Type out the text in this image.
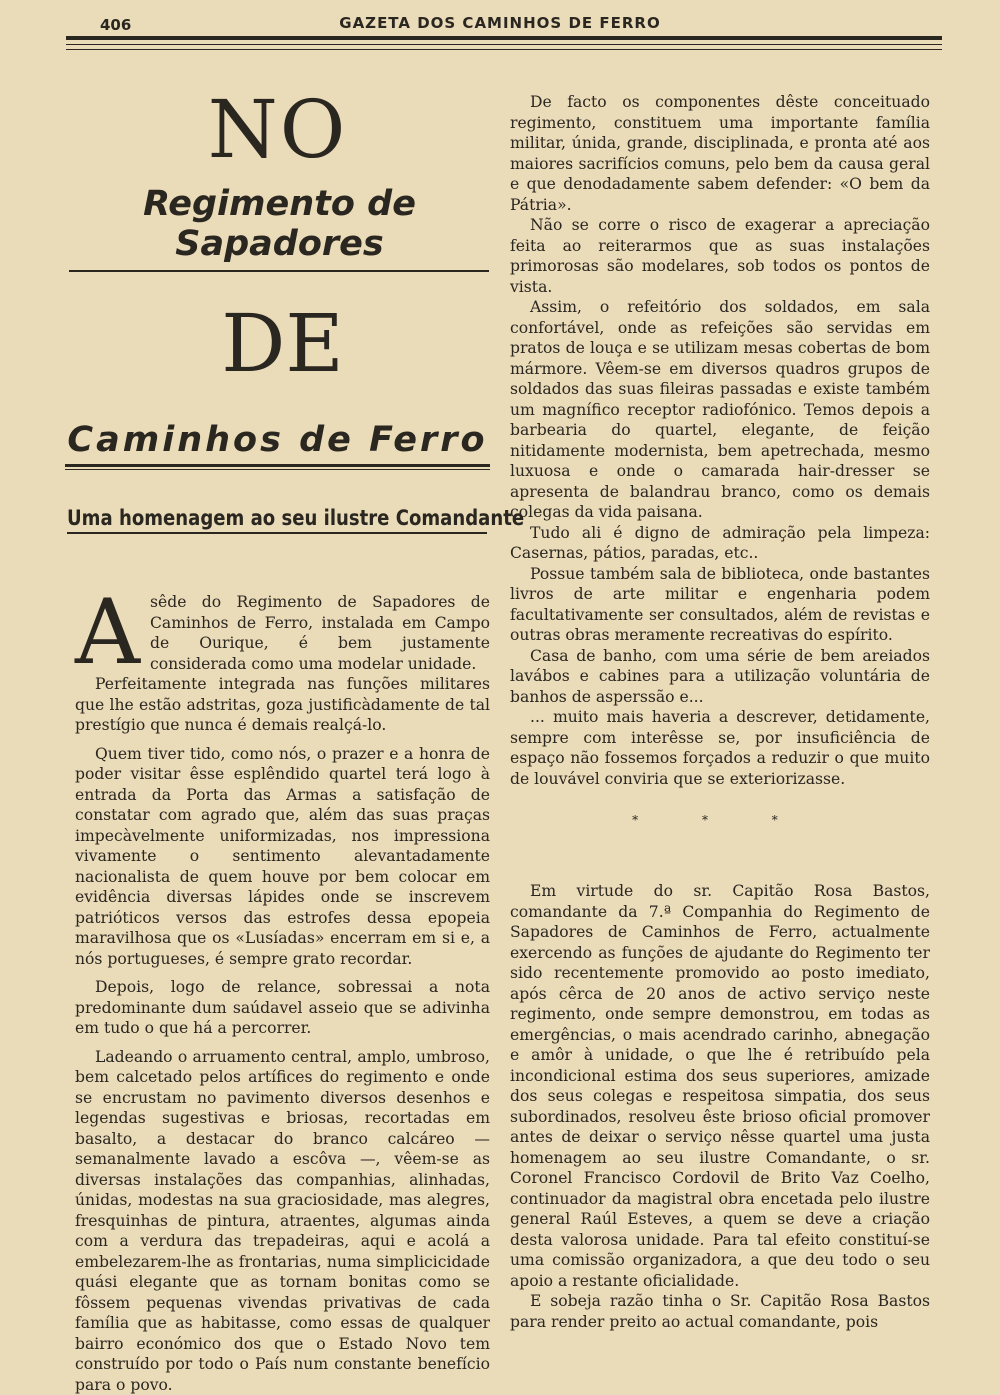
406	GAZETA DOS CAMINHOS DE FERRO
NO
Regimento de Sapadores
DE
Caminhos de Ferro
Uma homenagem ao seu ilustre Comandante

A sêde do Regimento de Sapadores de Caminhos de Ferro, instalada em Campo de Ourique, é bem justamente considerada como uma modelar unidade.

Perfeitamente integrada nas funções militares que lhe estão adstritas, goza justificàdamente de tal prestígio que nunca é demais realçá-lo.

Quem tiver tido, como nós, o prazer e a honra de poder visitar êsse esplêndido quartel terá logo à entrada da Porta das Armas a satisfação de constatar com agrado que, além das suas praças impecàvelmente uniformizadas, nos impressiona vivamente o sentimento alevantadamente nacionalista de quem houve por bem colocar em evidência diversas lápides onde se inscrevem patrióticos versos das estrofes dessa epopeia maravilhosa que os «Lusíadas» encerram em si e, a nós portugueses, é sempre grato recordar.

Depois, logo de relance, sobressai a nota predominante dum saúdavel asseio que se adivinha em tudo o que há a percorrer.

Ladeando o arruamento central, amplo, umbroso, bem calcetado pelos artífices do regimento e onde se encrustam no pavimento diversos desenhos e legendas sugestivas e briosas, recortadas em basalto, a destacar do branco calcáreo — semanalmente lavado a escôva —, vêem-se as diversas instalações das companhias, alinhadas, únidas, modestas na sua graciosidade, mas alegres, fresquinhas de pintura, atraentes, algumas ainda com a verdura das trepadeiras, aqui e acolá a embelezarem-lhe as frontarias, numa simplicicidade quási elegante que as tornam bonitas como se fôssem pequenas vivendas privativas de cada família que as habitasse, como essas de qualquer bairro económico dos que o Estado Novo tem construído por todo o País num constante benefício para o povo.

De facto os componentes dêste conceituado regimento, constituem uma importante família militar, únida, grande, disciplinada, e pronta até aos maiores sacrifícios comuns, pelo bem da causa geral e que denodadamente sabem defender: «O bem da Pátria».

Não se corre o risco de exagerar a apreciação feita ao reiterarmos que as suas instalações primorosas são modelares, sob todos os pontos de vista.

Assim, o refeitório dos soldados, em sala confortável, onde as refeições são servidas em pratos de louça e se utilizam mesas cobertas de bom mármore. Vêem-se em diversos quadros grupos de soldados das suas fileiras passadas e existe também um magnífico receptor radiofónico. Temos depois a barbearia do quartel, elegante, de feição nitidamente modernista, bem apetrechada, mesmo luxuosa e onde o camarada hair-dresser se apresenta de balandrau branco, como os demais colegas da vida paisana.

Tudo ali é digno de admiração pela limpeza: Casernas, pátios, paradas, etc..

Possue também sala de biblioteca, onde bastantes livros de arte militar e engenharia podem facultativamente ser consultados, além de revistas e outras obras meramente recreativas do espírito.

Casa de banho, com uma série de bem areiados lavábos e cabines para a utilização voluntária de banhos de asperssão e...

... muito mais haveria a descrever, detidamente, sempre com interêsse se, por insuficiência de espaço não fossemos forçados a reduzir o que muito de louvável conviria que se exteriorizasse.

* * *

Em virtude do sr. Capitão Rosa Bastos, comandante da 7.ª Companhia do Regimento de Sapadores de Caminhos de Ferro, actualmente exercendo as funções de ajudante do Regimento ter sido recentemente promovido ao posto imediato, após cêrca de 20 anos de activo serviço neste regimento, onde sempre demonstrou, em todas as emergências, o mais acendrado carinho, abnegação e amôr à unidade, o que lhe é retribuído pela incondicional estima dos seus superiores, amizade dos seus colegas e respeitosa simpatia, dos seus subordinados, resolveu êste brioso oficial promover antes de deixar o serviço nêsse quartel uma justa homenagem ao seu ilustre Comandante, o sr. Coronel Francisco Cordovil de Brito Vaz Coelho, continuador da magistral obra encetada pelo ilustre general Raúl Esteves, a quem se deve a criação desta valorosa unidade. Para tal efeito constituí-se uma comissão organizadora, a que deu todo o seu apoio a restante oficialidade.

E sobeja razão tinha o Sr. Capitão Rosa Bastos para render preito ao actual comandante, pois
